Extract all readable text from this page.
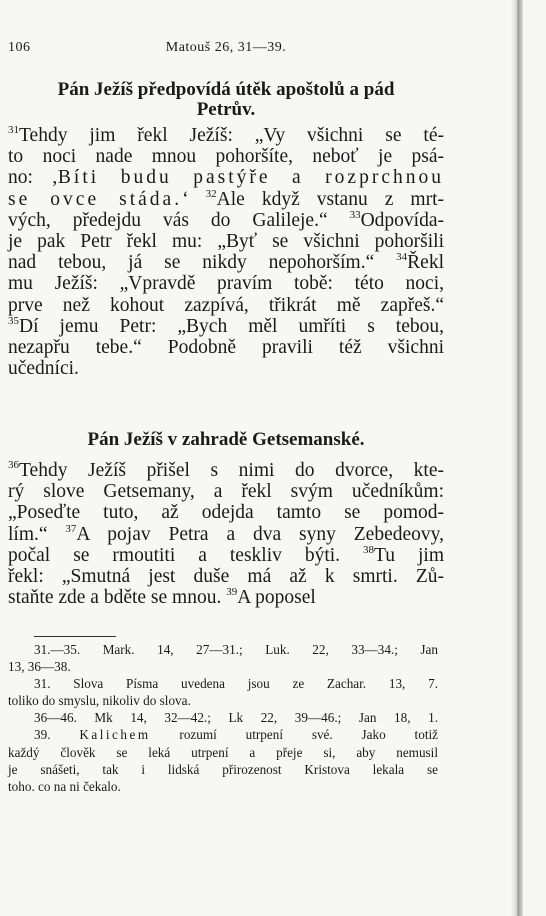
106	Matouš 26, 31—39.
Pán Ježíš předpovídá útěk apoštolů a pád
Petrův.
$^{31}$Tehdy jim řekl Ježíš: „Vy všichni se té-
to noci nade mnou pohoršíte, neboť je psá-
no: ‚Bíti budu pastýře a rozprchnou
se ovce stáda.‘ $^{32}$Ale když vstanu z mrt-
vých, předejdu vás do Galileje.“ $^{33}$Odpovída-
je pak Petr řekl mu: „Byť se všichni pohoršili
nad tebou, já se nikdy nepohorším.“ $^{34}$Řekl
mu Ježíš: „Vpravdě pravím tobě: této noci,
prve než kohout zazpívá, třikrát mě zapřeš.“
$^{35}$Dí jemu Petr: „Bych měl umříti s tebou,
nezapřu tebe.“ Podobně pravili též všichni
učedníci.
Pán Ježíš v zahradě Getsemanské.
$^{36}$Tehdy Ježíš přišel s nimi do dvorce, kte-
rý slove Getsemany, a řekl svým učedníkům:
„Poseďte tuto, až odejda tamto se pomod-
lím.“ $^{37}$A pojav Petra a dva syny Zebedeovy,
počal se rmoutiti a teskliv býti. $^{38}$Tu jim
řekl: „Smutná jest duše má až k smrti. Zů-
staňte zde a bděte se mnou. $^{39}$A poposel
31.—35. Mark. 14, 27—31.; Luk. 22, 33—34.; Jan
13, 36—38.
31. Slova Písma uvedena jsou ze Zachar. 13, 7.
toliko do smyslu, nikoliv do slova.
36—46. Mk 14, 32—42.; Lk 22, 39—46.; Jan 18, 1.
39. Kalichem rozumí utrpení své. Jako totiž
každý člověk se leká utrpení a přeje si, aby nemusil
je snášeti, tak i lidská přirozenost Kristova lekala se
toho. co na ni čekalo.
